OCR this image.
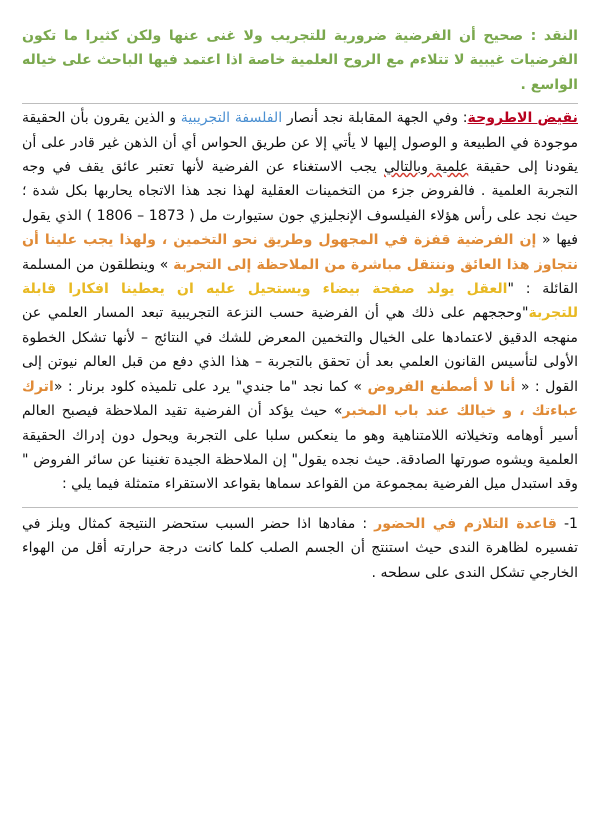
النقد : صحيح أن الفرضية ضرورية للتجريب ولا غنى عنها ولكن كثيرا ما تكون الفرضيات غيبية لا تتلاءم مع الروح العلمية خاصة اذا اعتمد فيها الباحث على خياله الواسع .

نقيض الاطروحة: وفي الجهة المقابلة نجد أنصار الفلسفة التجريبية و الذين يقرون بأن الحقيقة موجودة في الطبيعة و الوصول إليها لا يأتي إلا عن طريق الحواس أي أن الذهن غير قادر على أن يقودنا إلى حقيقة علمية وبالتالي يجب الاستغناء عن الفرضية لأنها تعتبر عائق يقف في وجه التجربة العلمية . فالفروض جزء من التخمينات العقلية لهذا نجد هذا الاتجاه يحاربها بكل شدة ؛ حيث نجد على رأس هؤلاء الفيلسوف الإنجليزي جون ستيوارت مل ( 1806 – 1873 ) الذي يقول فيها « إن الفرضية قفزة في المجهول وطريق نحو التخمين ، ولهذا يجب علينا أن نتجاوز هذا العائق وننتقل مباشرة من الملاحظة إلى التجربة » وينطلقون من المسلمة القائلة : "العقل يولد صفحة بيضاء ويستحيل عليه ان يعطينا افكارا قابلة للتجربة"وحججهم على ذلك هي أن الفرضية حسب النزعة التجريبية تبعد المسار العلمي عن منهجه الدقيق لاعتمادها على الخيال والتخمين المعرض للشك في النتائج – لأنها تشكل الخطوة الأولى لتأسيس القانون العلمي بعد أن تحقق بالتجربة – هذا الذي دفع من قبل العالم نيوتن إلى القول : « أنا لا أصطنع الفروض » كما نجد "ما جندي" يرد على تلميذه كلود برنار : «اترك عباءتك ، و خيالك عند باب المخبر» حيث يؤكد أن الفرضية تقيد الملاحظة فيصبح العالم أسير أوهامه وتخيلاته اللامتناهية وهو ما ينعكس سلبا على التجربة ويحول دون إدراك الحقيقة العلمية ويشوه صورتها الصادقة. حيث نجده يقول" إن الملاحظة الجيدة تغنينا عن سائر الفروض " وقد استبدل ميل الفرضية بمجموعة من القواعد سماها بقواعد الاستقراء متمثلة فيما يلي :

1- قاعدة التلازم في الحضور : مفادها اذا حضر السبب ستحضر النتيجة كمثال ويلز في تفسيره لظاهرة الندى حيث استنتج أن الجسم الصلب كلما كانت درجة حرارته أقل من الهواء الخارجي تشكل الندى على سطحه .
